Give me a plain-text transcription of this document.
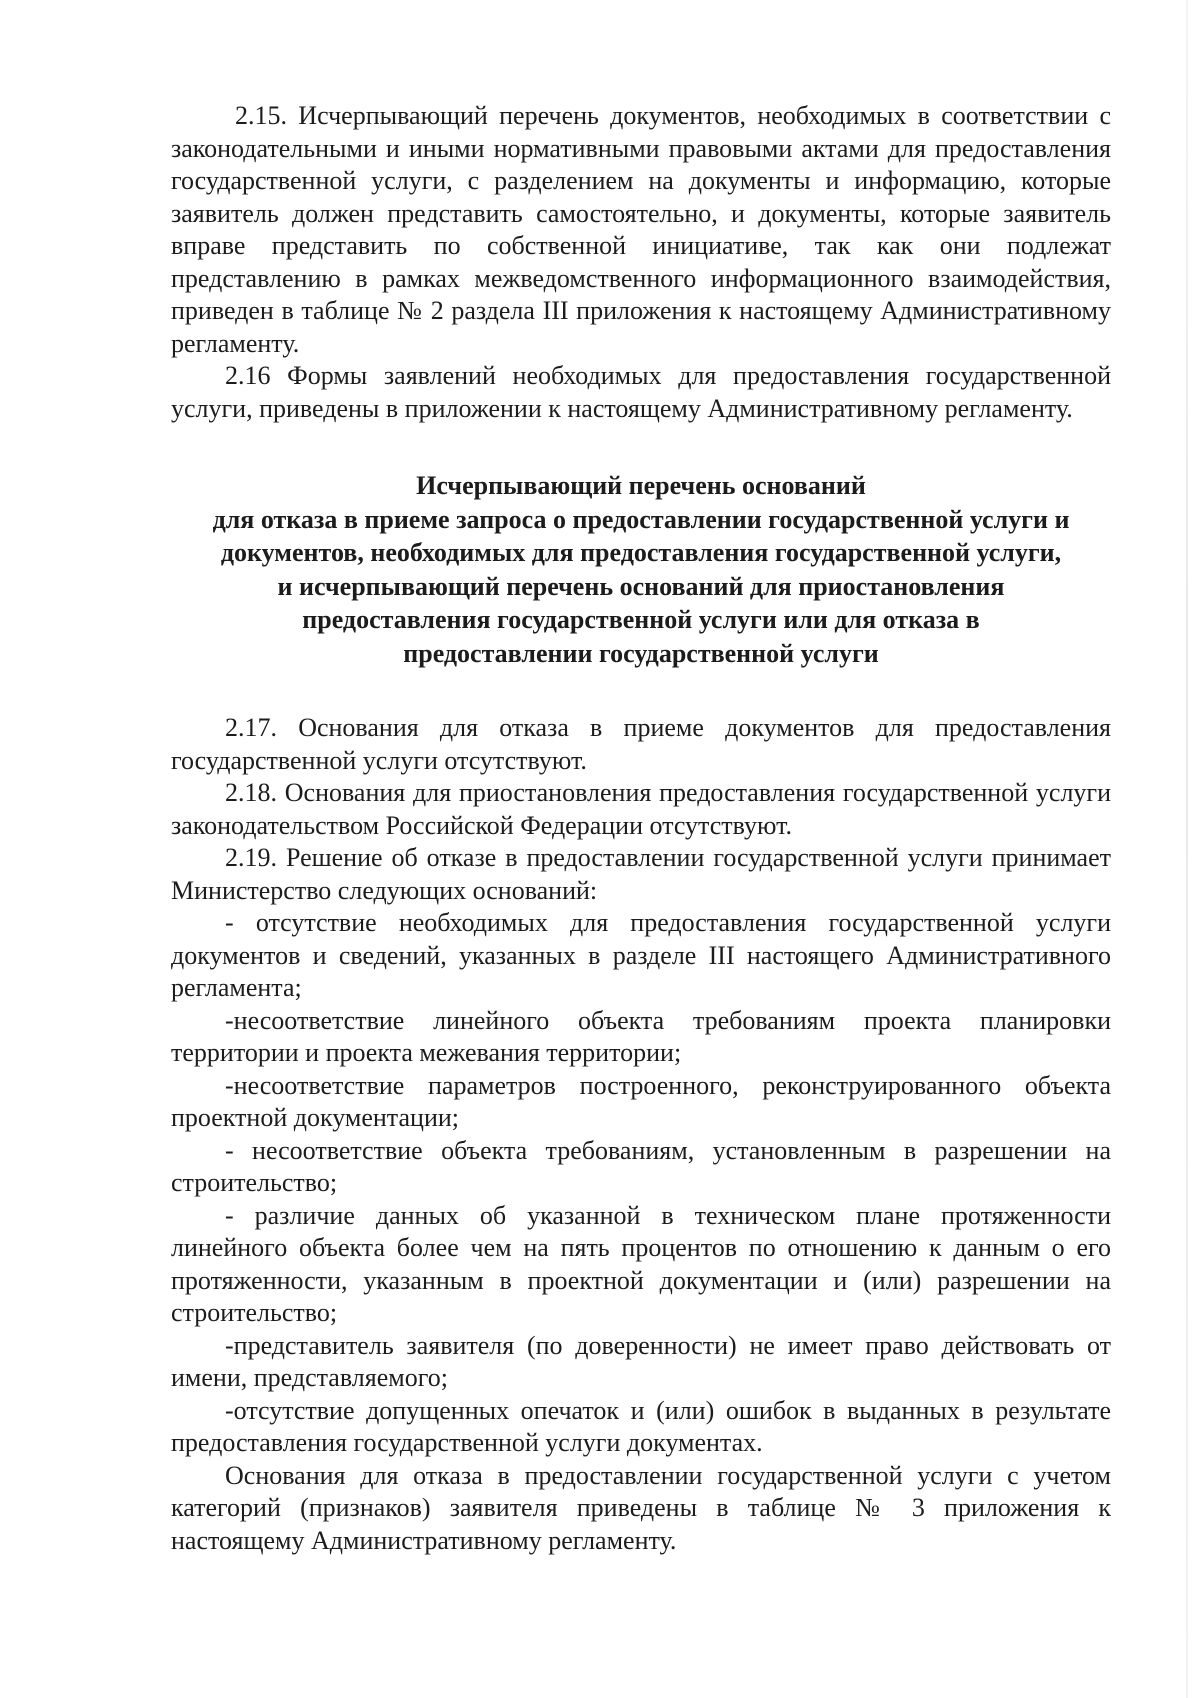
2.15. Исчерпывающий перечень документов, необходимых в соответствии с законодательными и иными нормативными правовыми актами для предоставления государственной услуги, с разделением на документы и информацию, которые заявитель должен представить самостоятельно, и документы, которые заявитель вправе представить по собственной инициативе, так как они подлежат представлению в рамках межведомственного информационного взаимодействия, приведен в таблице № 2 раздела III приложения к настоящему Административному регламенту.

2.16 Формы заявлений необходимых для предоставления государственной услуги, приведены в приложении к настоящему Административному регламенту.

Исчерпывающий перечень оснований
для отказа в приеме запроса о предоставлении государственной услуги и
документов, необходимых для предоставления государственной услуги,
и исчерпывающий перечень оснований для приостановления
предоставления государственной услуги или для отказа в
предоставлении государственной услуги

2.17. Основания для отказа в приеме документов для предоставления государственной услуги отсутствуют.

2.18. Основания для приостановления предоставления государственной услуги законодательством Российской Федерации отсутствуют.

2.19. Решение об отказе в предоставлении государственной услуги принимает Министерство следующих оснований:

- отсутствие необходимых для предоставления государственной услуги документов и сведений, указанных в разделе III настоящего Административного регламента;

-несоответствие линейного объекта требованиям проекта планировки территории и проекта межевания территории;

-несоответствие параметров построенного, реконструированного объекта проектной документации;

- несоответствие объекта требованиям, установленным в разрешении на строительство;

- различие данных об указанной в техническом плане протяженности линейного объекта более чем на пять процентов по отношению к данным о его протяженности, указанным в проектной документации и (или) разрешении на строительство;

-представитель заявителя (по доверенности) не имеет право действовать от имени, представляемого;

-отсутствие допущенных опечаток и (или) ошибок в выданных в результате предоставления государственной услуги документах.

Основания для отказа в предоставлении государственной услуги с учетом категорий (признаков) заявителя приведены в таблице № 3 приложения к настоящему Административному регламенту.
